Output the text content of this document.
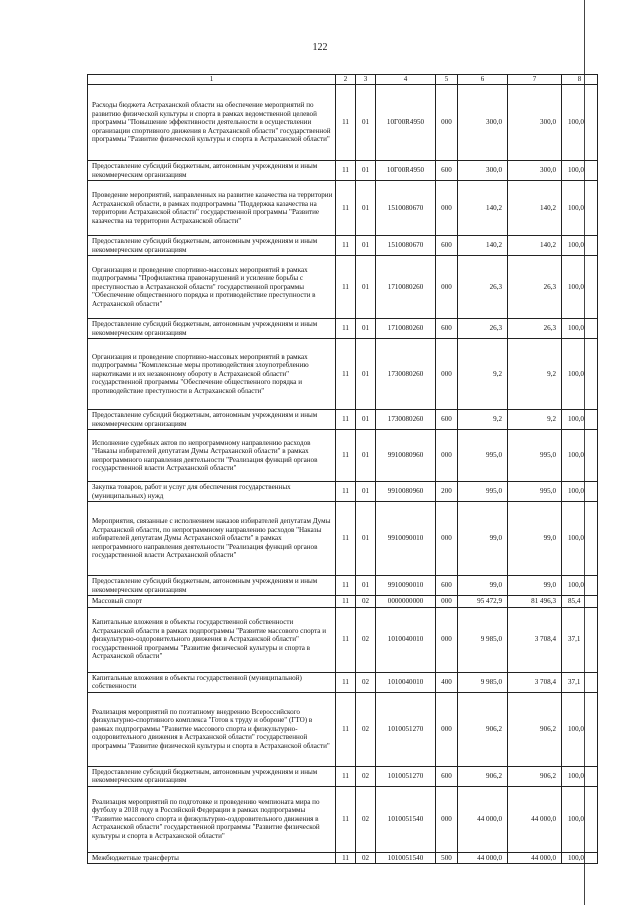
122
1	2	3	4	5	6	7	8
Расходы бюджета Астраханской области на обеспечение мероприятий по развитию физической культуры и спорта в рамках ведомственной целевой программы "Повышение эффективности деятельности в осуществлении организации спортивного движения в Астраханской области" государственной программы "Развитие физической культуры и спорта в Астраханской области"	11	01	10Г00R4950	000	300,0	300,0	100,0
Предоставление субсидий бюджетным, автономным учреждениям и иным некоммерческим организациям	11	01	10Г00R4950	600	300,0	300,0	100,0
Проведение мероприятий, направленных на развитие казачества на территории Астраханской области, в рамках подпрограммы "Поддержка казачества на территории Астраханской области" государственной программы "Развитие казачества на территории Астраханской области"	11	01	1510080670	000	140,2	140,2	100,0
Предоставление субсидий бюджетным, автономным учреждениям и иным некоммерческим организациям	11	01	1510080670	600	140,2	140,2	100,0
Организация и проведение спортивно-массовых мероприятий в рамках подпрограммы "Профилактика правонарушений и усиление борьбы с преступностью в Астраханской области" государственной программы "Обеспечение общественного порядка и противодействие преступности в Астраханской области"	11	01	1710080260	000	26,3	26,3	100,0
Предоставление субсидий бюджетным, автономным учреждениям и иным некоммерческим организациям	11	01	1710080260	600	26,3	26,3	100,0
Организация и проведение спортивно-массовых мероприятий в рамках подпрограммы "Комплексные меры противодействия злоупотреблению наркотиками и их незаконному обороту в Астраханской области" государственной программы "Обеспечение общественного порядка и противодействие преступности в Астраханской области"	11	01	1730080260	000	9,2	9,2	100,0
Предоставление субсидий бюджетным, автономным учреждениям и иным некоммерческим организациям	11	01	1730080260	600	9,2	9,2	100,0
Исполнение судебных актов по непрограммному направлению расходов "Наказы избирателей депутатам Думы Астраханской области" в рамках непрограммного направления деятельности "Реализация функций органов государственной власти Астраханской области"	11	01	9910080960	000	995,0	995,0	100,0
Закупка товаров, работ и услуг для обеспечения государственных (муниципальных) нужд	11	01	9910080960	200	995,0	995,0	100,0
Мероприятия, связанные с исполнением наказов избирателей депутатам Думы Астраханской области, по непрограммному направлению расходов "Наказы избирателей депутатам Думы Астраханской области" в рамках непрограммного направления деятельности "Реализация функций органов государственной власти Астраханской области"	11	01	9910090010	000	99,0	99,0	100,0
Предоставление субсидий бюджетным, автономным учреждениям и иным некоммерческим организациям	11	01	9910090010	600	99,0	99,0	100,0
Массовый спорт	11	02	0000000000	000	95 472,9	81 496,3	85,4
Капитальные вложения в объекты государственной собственности Астраханской области в рамках подпрограммы "Развитие массового спорта и физкультурно-оздоровительного движения в Астраханской области" государственной программы "Развитие физической культуры и спорта в Астраханской области"	11	02	1010040010	000	9 985,0	3 708,4	37,1
Капитальные вложения в объекты государственной (муниципальной) собственности	11	02	1010040010	400	9 985,0	3 708,4	37,1
Реализация мероприятий по поэтапному внедрению Всероссийского физкультурно-спортивного комплекса "Готов к труду и обороне" (ГТО) в рамках подпрограммы "Развитие массового спорта и физкультурно-оздоровительного движения в Астраханской области" государственной программы "Развитие физической культуры и спорта в Астраханской области"	11	02	1010051270	000	906,2	906,2	100,0
Предоставление субсидий бюджетным, автономным учреждениям и иным некоммерческим организациям	11	02	1010051270	600	906,2	906,2	100,0
Реализация мероприятий по подготовке и проведению чемпионата мира по футболу в 2018 году в Российской Федерации в рамках подпрограммы "Развитие массового спорта и физкультурно-оздоровительного движения в Астраханской области" государственной программы "Развитие физической культуры и спорта в Астраханской области"	11	02	1010051540	000	44 000,0	44 000,0	100,0
Межбюджетные трансферты	11	02	1010051540	500	44 000,0	44 000,0	100,0
